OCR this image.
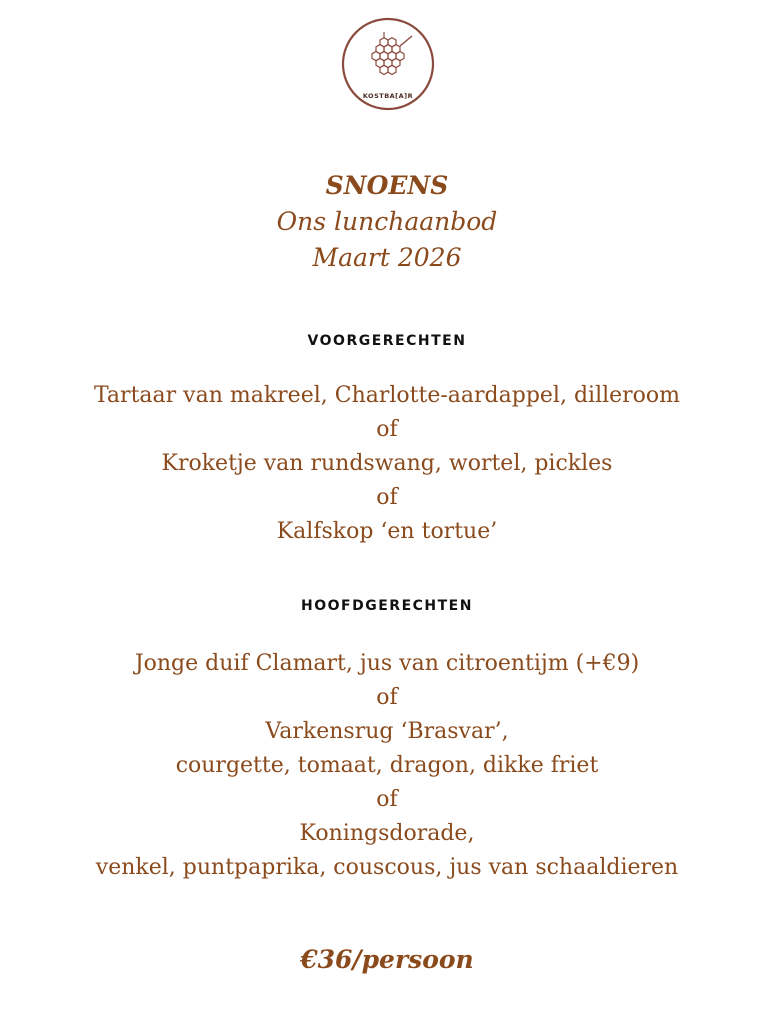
KOSTBA[A]R
SNOENS
Ons lunchaanbod
Maart 2026
VOORGERECHTEN
Tartaar van makreel, Charlotte-aardappel, dilleroom
of
Kroketje van rundswang, wortel, pickles
of
Kalfskop ‘en tortue’
HOOFDGERECHTEN
Jonge duif Clamart, jus van citroentijm (+€9)
of
Varkensrug ‘Brasvar’,
courgette, tomaat, dragon, dikke friet
of
Koningsdorade,
venkel, puntpaprika, couscous, jus van schaaldieren
€36/persoon
